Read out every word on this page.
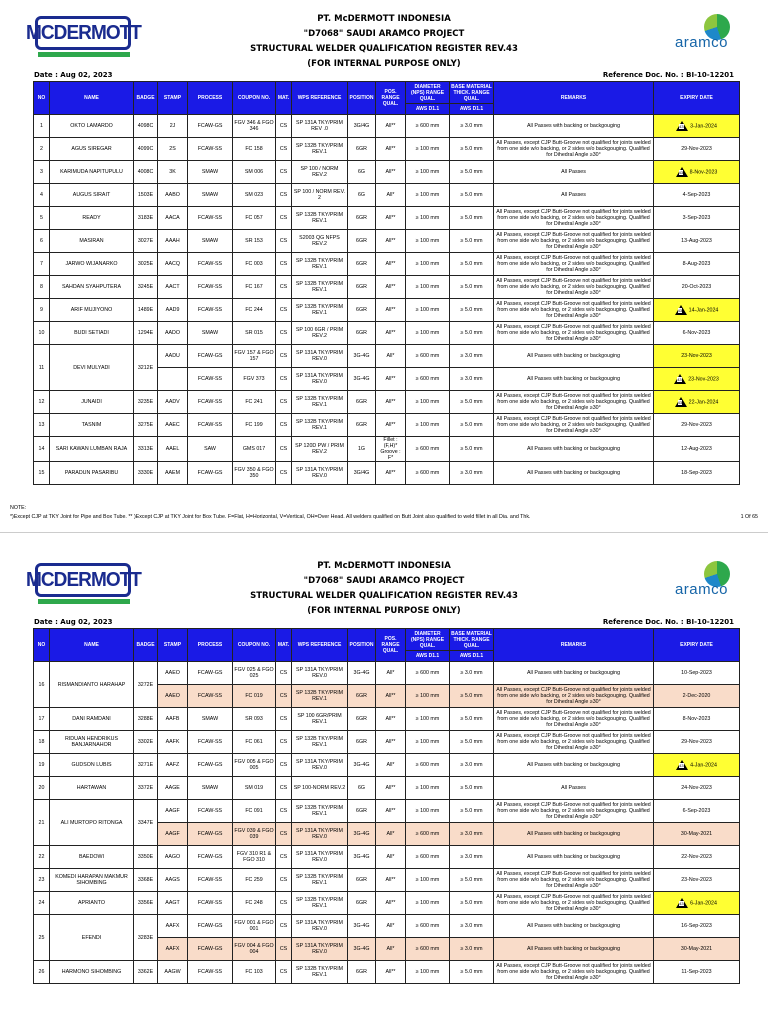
MCDERMOTT
PT. McDERMOTT INDONESIA
"D7068" SAUDI ARAMCO PROJECT
STRUCTURAL WELDER QUALIFICATION REGISTER REV.43
(FOR INTERNAL PURPOSE ONLY)
aramco
Date : Aug 02, 2023	Reference Doc. No. : BI-10-12201
NO	NAME	BADGE	STAMP	PROCESS	COUPON NO.	MAT.	WPS REFERENCE	POSITION	POS. RANGE QUAL.	DIAMETER (NPS) RANGE QUAL.	BASE MATERIAL THICK. RANGE QUAL.	REMARKS	EXPIRY DATE
										AWS D1.1	AWS D1.1		
1	OKTO LAMARDO	4098C	2J	FCAW-GS	FGV 346 & FGO 346	CS	SP 131A TKY/PRIM REV .0	3G/4G	All**	≥ 600 mm	≥ 3.0 mm	All Passes with backing or backgouging	43 3-Jan-2024
2	AGUS SIREGAR	4099C	2S	FCAW-SS	FC 158	CS	SP 132B TKY/PRIM REV.1	6GR	All**	≥ 100 mm	≥ 5.0 mm	All Passes, except CJP Butt-Groove not qualified for joints welded from one side w/o backing, or 2 sides w/o backgouging. Qualified for Dihedral Angle ≥30°	29-Nov-2023
3	KARIMUDA NAPITUPULU	4008C	3K	SMAW	SM 006	CS	SP 100 / NORM REV.2	6G	All**	≥ 100 mm	≥ 5.0 mm	All Passes	43 8-Nov-2023
4	AUGUS SIRAIT	1503E	AABO	SMAW	SM 023	CS	SP 100 / NORM REV. 2	6G	All*	≥ 100 mm	≥ 5.0 mm	All Passes	4-Sep-2023
5	READY	3183E	AACA	FCAW-SS	FC 057	CS	SP 132B TKY/PRIM REV.1	6GR	All**	≥ 100 mm	≥ 5.0 mm	All Passes, except CJP Butt-Groove not qualified for joints welded from one side w/o backing, or 2 sides w/o backgouging. Qualified for Dihedral Angle ≥30°	3-Sep-2023
6	MASIRAN	3027E	AAAH	SMAW	SR 153	CS	S2003 QG NFPS REV.2	6GR	All**	≥ 100 mm	≥ 5.0 mm	All Passes, except CJP Butt-Groove not qualified for joints welded from one side w/o backing, or 2 sides w/o backgouging. Qualified for Dihedral Angle ≥30°	13-Aug-2023
7	JARWO WIJANARKO	3025E	AACQ	FCAW-SS	FC 003	CS	SP 132B TKY/PRIM REV.1	6GR	All**	≥ 100 mm	≥ 5.0 mm	All Passes, except CJP Butt-Groove not qualified for joints welded from one side w/o backing, or 2 sides w/o backgouging. Qualified for Dihedral Angle ≥30°	8-Aug-2023
8	SAHDAN SYAHPUTERA	3245E	AACT	FCAW-SS	FC 167	CS	SP 132B TKY/PRIM REV.1	6GR	All**	≥ 100 mm	≥ 5.0 mm	All Passes, except CJP Butt-Groove not qualified for joints welded from one side w/o backing, or 2 sides w/o backgouging. Qualified for Dihedral Angle ≥30°	20-Oct-2023
9	ARIF MUJIYONO	1489E	AAD9	FCAW-SS	FC 244	CS	SP 132B TKY/PRIM REV.1	6GR	All**	≥ 100 mm	≥ 5.0 mm	All Passes, except CJP Butt-Groove not qualified for joints welded from one side w/o backing, or 2 sides w/o backgouging. Qualified for Dihedral Angle ≥30°	43 14-Jan-2024
10	BUDI SETIADI	1294E	AADO	SMAW	SR 015	CS	SP 100 6GR / PRIM REV.2	6GR	All**	≥ 100 mm	≥ 5.0 mm	All Passes, except CJP Butt-Groove not qualified for joints welded from one side w/o backing, or 2 sides w/o backgouging. Qualified for Dihedral Angle ≥30°	6-Nov-2023
11	DEVI MULYADI	3212E	AADU	FCAW-GS	FGV 157 & FGO 157	CS	SP 131A TKY/PRIM REV.0	3G-4G	All*	≥ 600 mm	≥ 3.0 mm	All Passes with backing or backgouging	23-Nov-2023
				FCAW-SS	FGV 373	CS	SP 131A TKY/PRIM REV.0	3G-4G	All**	≥ 600 mm	≥ 3.0 mm	All Passes with backing or backgouging	43 23-Nov-2023
12	JUNAIDI	3235E	AADV	FCAW-SS	FC 241	CS	SP 132B TKY/PRIM REV.1	6GR	All**	≥ 100 mm	≥ 5.0 mm	All Passes, except CJP Butt-Groove not qualified for joints welded from one side w/o backing, or 2 sides w/o backgouging. Qualified for Dihedral Angle ≥30°	43 22-Jan-2024
13	TASNIM	3275E	AAEC	FCAW-SS	FC 199	CS	SP 132B TKY/PRIM REV.1	6GR	All**	≥ 100 mm	≥ 5.0 mm	All Passes, except CJP Butt-Groove not qualified for joints welded from one side w/o backing, or 2 sides w/o backgouging. Qualified for Dihedral Angle ≥30°	29-Nov-2023
14	SARI KAWAN LUMBAN RAJA	3313E	AAEL	SAW	GMS 017	CS	SP 120D PW / PRIM REV.2	1G	Fillet : (F,H)* Groove : F*	≥ 600 mm	≥ 5.0 mm	All Passes with backing or backgouging	12-Aug-2023
15	PARADUN PASARIBU	3330E	AAEM	FCAW-GS	FGV 350 & FGO 350	CS	SP 131A TKY/PRIM REV.0	3G/4G	All**	≥ 600 mm	≥ 3.0 mm	All Passes with backing or backgouging	18-Sep-2023
NOTE:
*)Except CJP at TKY Joint for Pipe and Box Tube. ** )Except CJP at TKY Joint for Box Tube. F=Flat, H=Horizontal, V=Vertical, OH=Over Head. All welders qualified on Butt Joint also qualified to weld fillet in all Dia. and Thk.	1 Of 65
MCDERMOTT
PT. McDERMOTT INDONESIA
"D7068" SAUDI ARAMCO PROJECT
STRUCTURAL WELDER QUALIFICATION REGISTER REV.43
(FOR INTERNAL PURPOSE ONLY)
aramco
Date : Aug 02, 2023	Reference Doc. No. : BI-10-12201
NO	NAME	BADGE	STAMP	PROCESS	COUPON NO.	MAT.	WPS REFERENCE	POSITION	POS. RANGE QUAL.	DIAMETER (NPS) RANGE QUAL.	BASE MATERIAL THICK. RANGE QUAL.	REMARKS	EXPIRY DATE
										AWS D1.1	AWS D1.1		
16	RISMANDIANTO HARAHAP	3272E	AAEO	FCAW-GS	FGV 025 & FGO 025	CS	SP 131A TKY/PRIM REV.0	3G-4G	All*	≥ 600 mm	≥ 3.0 mm	All Passes with backing or backgouging	10-Sep-2023
			AAEO	FCAW-SS	FC 019	CS	SP 132B TKY/PRIM REV.1	6GR	All**	≥ 100 mm	≥ 5.0 mm	All Passes, except CJP Butt-Groove not qualified for joints welded from one side w/o backing, or 2 sides w/o backgouging. Qualified for Dihedral Angle ≥30°	2-Dec-2020
17	DANI RAMDANI	3288E	AAFB	SMAW	SR 093	CS	SP 100 6GR/PRIM REV.1	6GR	All**	≥ 100 mm	≥ 5.0 mm	All Passes, except CJP Butt-Groove not qualified for joints welded from one side w/o backing, or 2 sides w/o backgouging. Qualified for Dihedral Angle ≥30°	8-Nov-2023
18	RIDUAN HENDRIKUS BANJARNAHOR	3302E	AAFK	FCAW-SS	FC 061	CS	SP 132B TKY/PRIM REV.1	6GR	All**	≥ 100 mm	≥ 5.0 mm	All Passes, except CJP Butt-Groove not qualified for joints welded from one side w/o backing, or 2 sides w/o backgouging. Qualified for Dihedral Angle ≥30°	29-Nov-2023
19	GUDSON LUBIS	3271E	AAFZ	FCAW-GS	FGV 005 & FGO 005	CS	SP 131A TKY/PRIM REV.0	3G-4G	All*	≥ 600 mm	≥ 3.0 mm	All Passes with backing or backgouging	43 4-Jan-2024
20	HARTAWAN	3372E	AAGE	SMAW	SM 019	CS	SP 100-NORM REV.2	6G	All**	≥ 100 mm	≥ 5.0 mm	All Passes	24-Nov-2023
21	ALI MURTOPO RITONGA	3347E	AAGF	FCAW-SS	FC 091	CS	SP 132B TKY/PRIM REV.1	6GR	All**	≥ 100 mm	≥ 5.0 mm	All Passes, except CJP Butt-Groove not qualified for joints welded from one side w/o backing, or 2 sides w/o backgouging. Qualified for Dihedral Angle ≥30°	6-Sep-2023
			AAGF	FCAW-GS	FGV 039 & FGO 039	CS	SP 131A TKY/PRIM REV.0	3G-4G	All*	≥ 600 mm	≥ 3.0 mm	All Passes with backing or backgouging	30-May-2021
22	BAEDOWI	3350E	AAGO	FCAW-GS	FGV 310 R1 & FGO 310	CS	SP 131A TKY/PRIM REV.0	3G-4G	All*	≥ 600 mm	≥ 3.0 mm	All Passes with backing or backgouging	22-Nov-2023
23	KOMEDI HARAPAN MAKMUR SIHOMBING	3368E	AAGS	FCAW-SS	FC 259	CS	SP 132B TKY/PRIM REV.1	6GR	All**	≥ 100 mm	≥ 5.0 mm	All Passes, except CJP Butt-Groove not qualified for joints welded from one side w/o backing, or 2 sides w/o backgouging. Qualified for Dihedral Angle ≥30°	23-Nov-2023
24	APRIANTO	3356E	AAGT	FCAW-SS	FC 248	CS	SP 132B TKY/PRIM REV.1	6GR	All**	≥ 100 mm	≥ 5.0 mm	All Passes, except CJP Butt-Groove not qualified for joints welded from one side w/o backing, or 2 sides w/o backgouging. Qualified for Dihedral Angle ≥30°	43 6-Jan-2024
25	EFENDI	3283E	AAFX	FCAW-GS	FGV 001 & FGO 001	CS	SP 131A TKY/PRIM REV.0	3G-4G	All*	≥ 600 mm	≥ 3.0 mm	All Passes with backing or backgouging	16-Sep-2023
			AAFX	FCAW-GS	FGV 004 & FGO 004	CS	SP 131A TKY/PRIM REV.0	3G-4G	All*	≥ 600 mm	≥ 3.0 mm	All Passes with backing or backgouging	30-May-2021
26	HARMONO SIHOMBING	3362E	AAGW	FCAW-SS	FC 103	CS	SP 132B TKY/PRIM REV.1	6GR	All**	≥ 100 mm	≥ 5.0 mm	All Passes, except CJP Butt-Groove not qualified for joints welded from one side w/o backing, or 2 sides w/o backgouging. Qualified for Dihedral Angle ≥30°	11-Sep-2023
